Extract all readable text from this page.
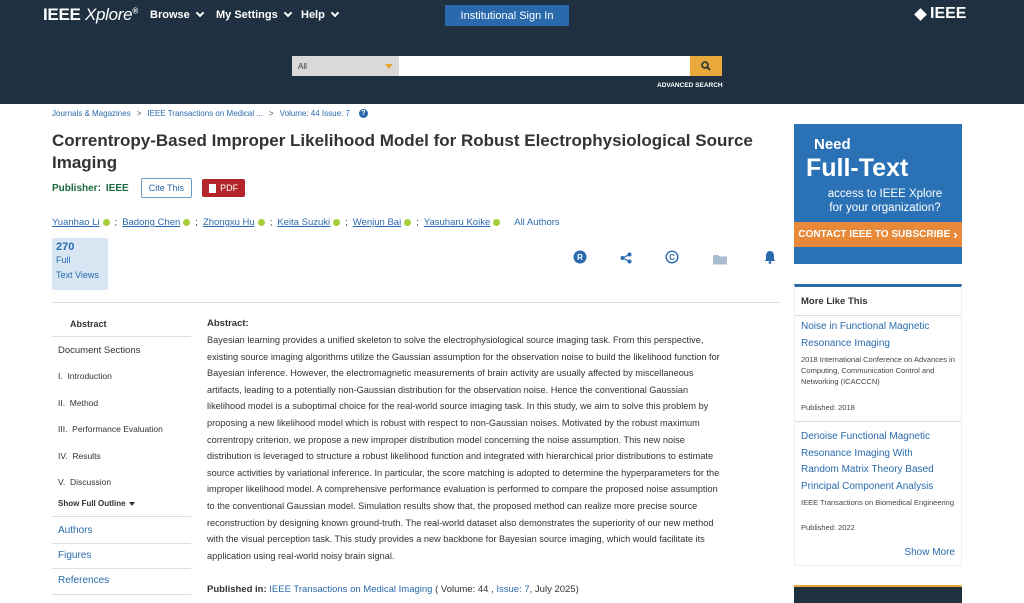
IEEE Xplore® Browse My Settings Help	Institutional Sign In	IEEE
All
ADVANCED SEARCH
Journals & Magazines > IEEE Transactions on Medical ... > Volume: 44 Issue: 7	?
Correntropy-Based Improper Likelihood Model for Robust Electrophysiological Source Imaging
Publisher: IEEE	Cite This	PDF
Yuanhao Li ; Badong Chen ; Zhongxu Hu ; Keita Suzuki ; Wenjun Bai ; Yasuharu Koike	All Authors
270
Full
Text Views
R	C
Abstract
Document Sections
I.  Introduction
II.  Method
III.  Performance Evaluation
IV.  Results
V.  Discussion
Show Full Outline
Authors
Figures
References
Abstract:
Bayesian learning provides a unified skeleton to solve the electrophysiological source imaging task. From this perspective,
existing source imaging algorithms utilize the Gaussian assumption for the observation noise to build the likelihood function for
Bayesian inference. However, the electromagnetic measurements of brain activity are usually affected by miscellaneous
artifacts, leading to a potentially non-Gaussian distribution for the observation noise. Hence the conventional Gaussian
likelihood model is a suboptimal choice for the real-world source imaging task. In this study, we aim to solve this problem by
proposing a new likelihood model which is robust with respect to non-Gaussian noises. Motivated by the robust maximum
correntropy criterion, we propose a new improper distribution model concerning the noise assumption. This new noise
distribution is leveraged to structure a robust likelihood function and integrated with hierarchical prior distributions to estimate
source activities by variational inference. In particular, the score matching is adopted to determine the hyperparameters for the
improper likelihood model. A comprehensive performance evaluation is performed to compare the proposed noise assumption
to the conventional Gaussian model. Simulation results show that, the proposed method can realize more precise source
reconstruction by designing known ground-truth. The real-world dataset also demonstrates the superiority of our new method
with the visual perception task. This study provides a new backbone for Bayesian source imaging, which would facilitate its
application using real-world noisy brain signal.
Published in: IEEE Transactions on Medical Imaging ( Volume: 44 , Issue: 7, July 2025)
Need
Full-Text
access to IEEE Xplore
for your organization?
CONTACT IEEE TO SUBSCRIBE ›
More Like This
Noise in Functional Magnetic Resonance Imaging
2018 International Conference on Advances in Computing, Communication Control and Networking (ICACCCN)
Published: 2018
Denoise Functional Magnetic Resonance Imaging With Random Matrix Theory Based Principal Component Analysis
IEEE Transactions on Biomedical Engineering
Published: 2022
Show More
